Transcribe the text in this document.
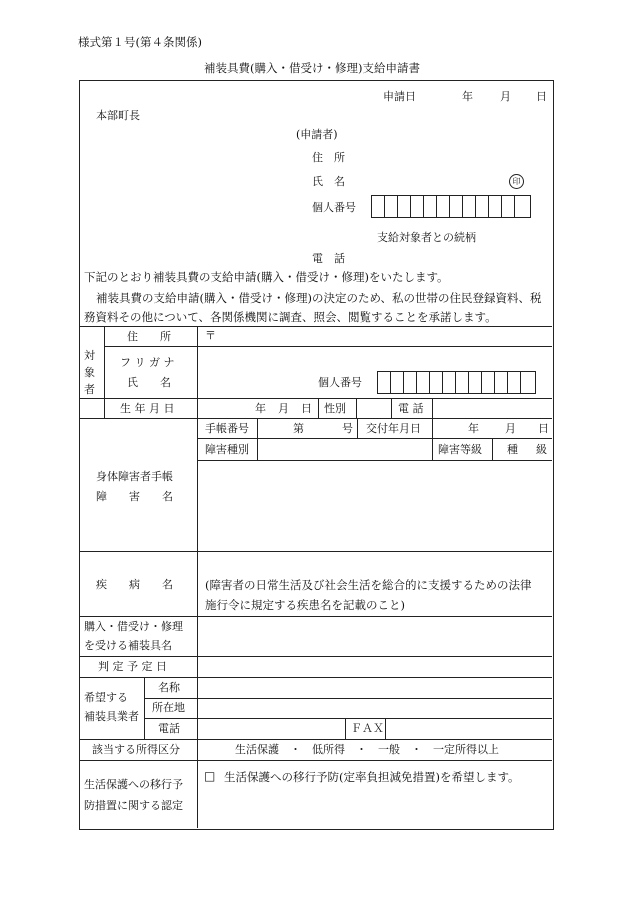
様式第１号(第４条関係)
補装具費(購入・借受け・修理)支給申請書
申請日	年 月 日
本部町長
(申請者)
住　所
氏　名	印
個人番号
支給対象者との続柄
電　話
下記のとおり補装具費の支給申請(購入・借受け・修理)をいたします。
補装具費の支給申請(購入・借受け・修理)の決定のため、私の世帯の住民登録資料、税
務資料その他について、各関係機関に調査、照会、閲覧することを承諾します。
対
象
者
住　　所	〒
フ リ ガ ナ
氏　　名	個人番号
生 年 月 日	年 月 日 性別	電 話
身体障害者手帳
障　　害　　名
手帳番号	第	号 交付年月日	年 月 日
障害種別	障害等級 種 級
疾　　病　　名	(障害者の日常生活及び社会生活を総合的に支援するための法律
施行令に規定する疾患名を記載のこと)
購入・借受け・修理
を受ける補装具名
判 定 予 定 日
希望する
補装具業者
名称
所在地
電話	ＦＡＸ
該当する所得区分	生活保護　・　低所得　・　一般　・　一定所得以上
生活保護への移行予
防措置に関する認定
□ 生活保護への移行予防(定率負担減免措置)を希望します。
